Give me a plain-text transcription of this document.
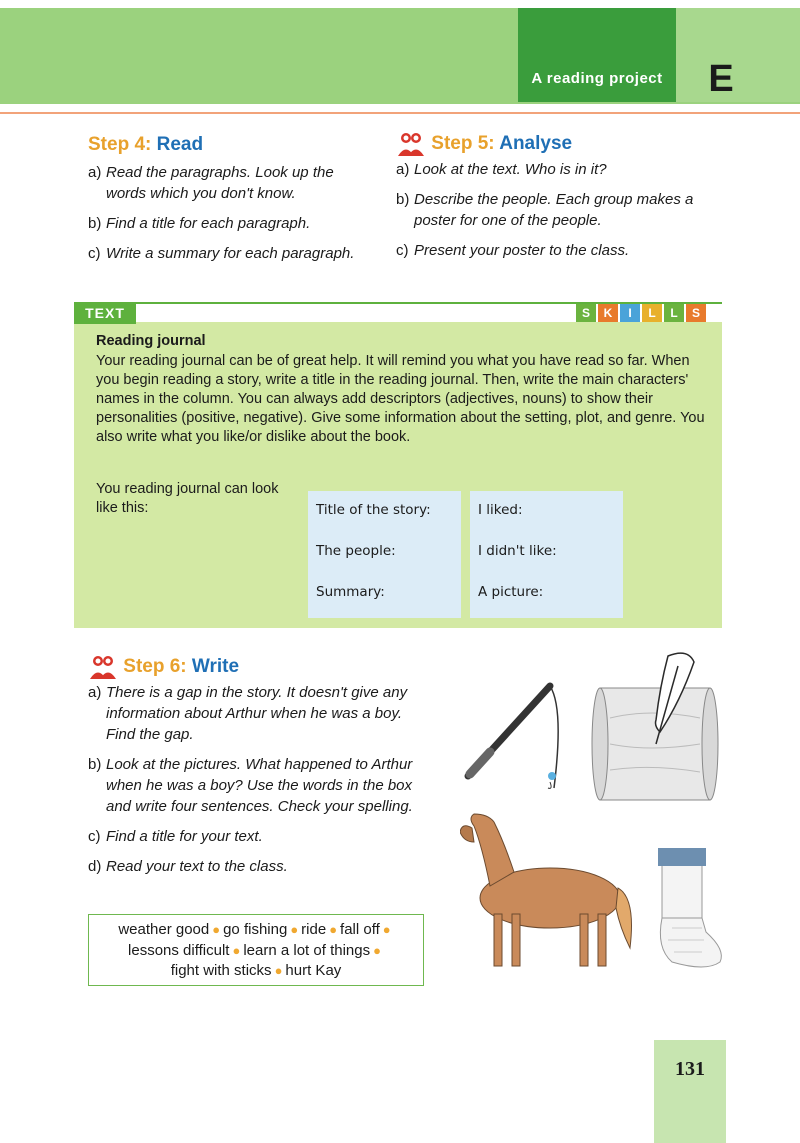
A reading project	E
Step 4: Read
a) Read the paragraphs. Look up the words which you don't know.
b) Find a title for each paragraph.
c) Write a summary for each paragraph.
Step 5: Analyse
a) Look at the text. Who is in it?
b) Describe the people. Each group makes a poster for one of the people.
c) Present your poster to the class.
TEXT	S	K	I	L	L	S
Reading journal
Your reading journal can be of great help. It will remind you what you have read so far. When you begin reading a story, write a title in the reading journal. Then, write the main characters' names in the column. You can always add descriptors (adjectives, nouns) to show their personalities (positive, negative). Give some information about the setting, plot, and genre. You also write what you like/or dislike about the book.
You reading journal can look like this:	Title of the story:
The people:
Summary:
I liked:
I didn't like:
A picture:
Step 6: Write
a) There is a gap in the story. It doesn't give any information about Arthur when he was a boy. Find the gap.
b) Look at the pictures. What happened to Arthur when he was a boy? Use the words in the box and write four sentences. Check your spelling.
c) Find a title for your text.
d) Read your text to the class.
weather good ● go fishing ● ride ● fall off ●
lessons difficult ● learn a lot of things ●
fight with sticks ● hurt Kay
131
